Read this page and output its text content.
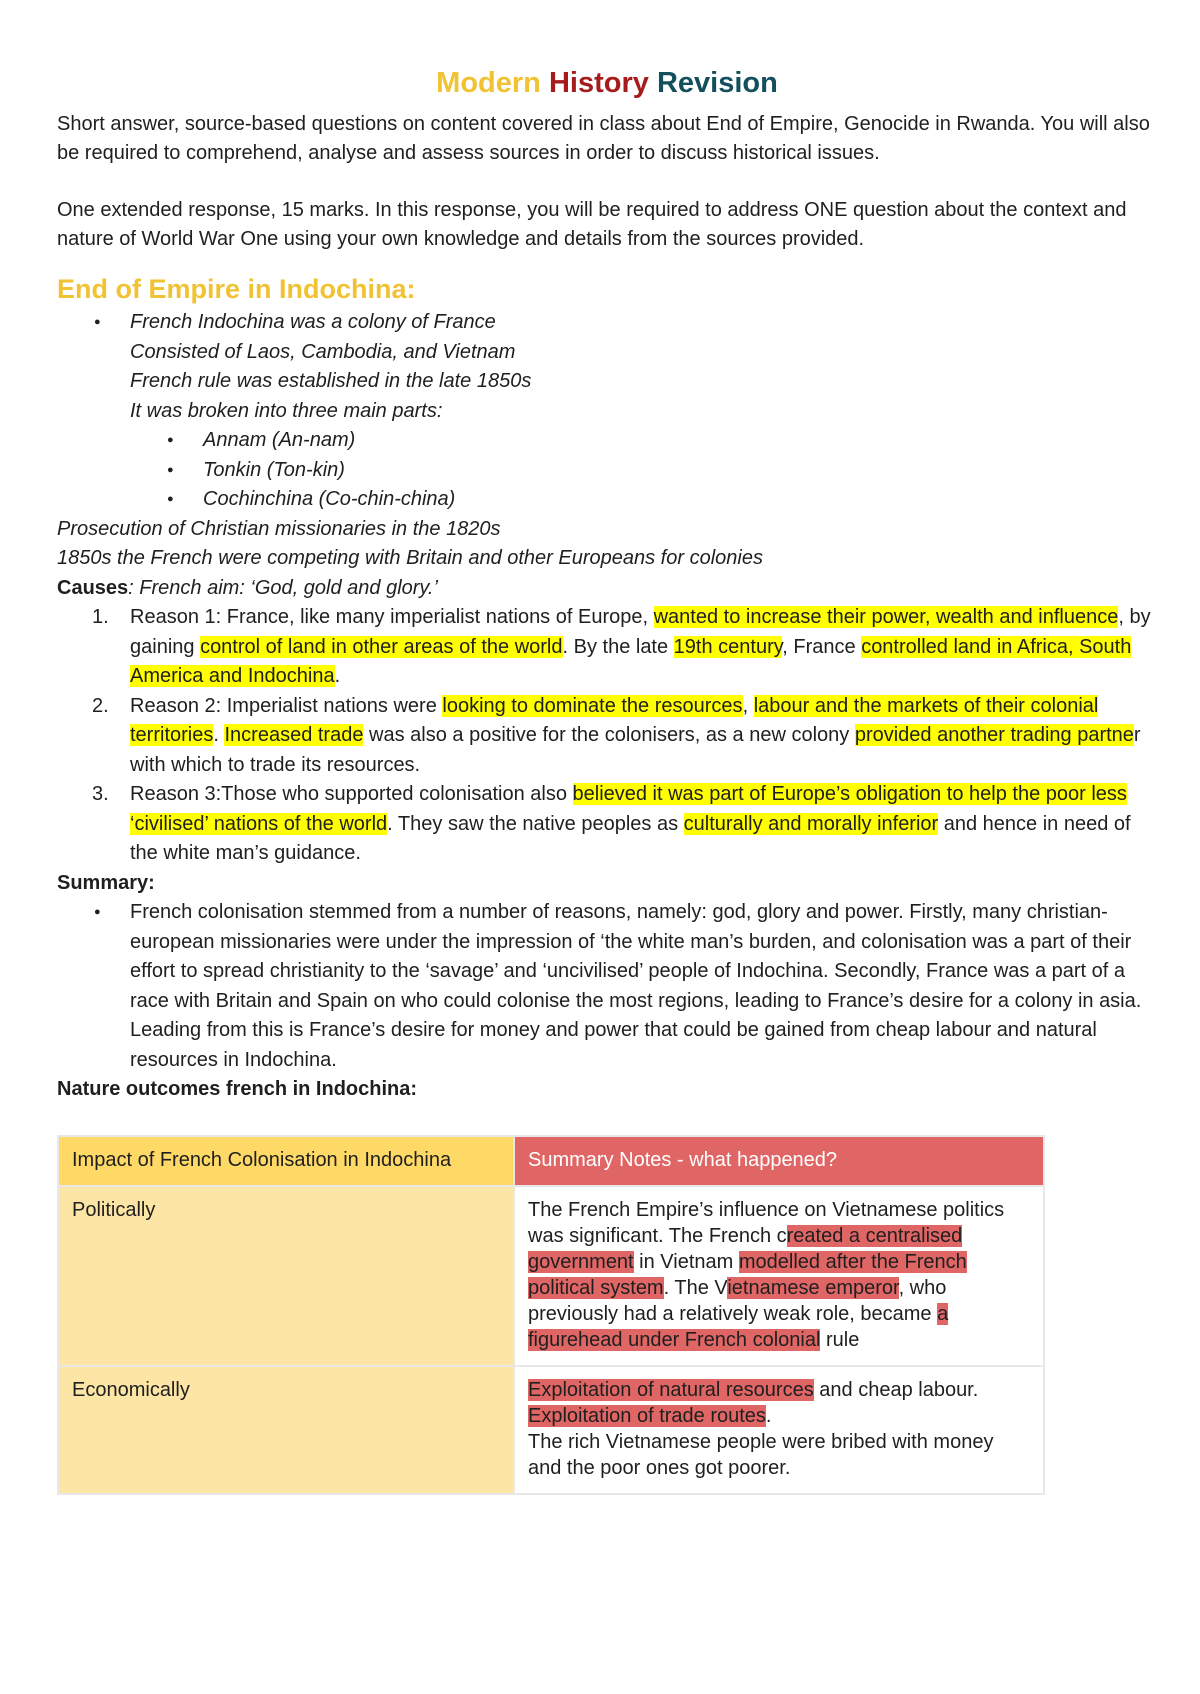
Modern History Revision

Short answer, source-based questions on content covered in class about End of Empire, Genocide in Rwanda. You will also be required to comprehend, analyse and assess sources in order to discuss historical issues.

One extended response, 15 marks. In this response, you will be required to address ONE question about the context and nature of World War One using your own knowledge and details from the sources provided.

End of Empire in Indochina:
● French Indochina was a colony of France
Consisted of Laos, Cambodia, and Vietnam
French rule was established in the late 1850s
It was broken into three main parts:
● Annam (An-nam)
● Tonkin (Ton-kin)
● Cochinchina (Co-chin-china)
Prosecution of Christian missionaries in the 1820s
1850s the French were competing with Britain and other Europeans for colonies
Causes: French aim: ‘God, gold and glory.’
1. Reason 1: France, like many imperialist nations of Europe, wanted to increase their power, wealth and influence, by gaining control of land in other areas of the world. By the late 19th century, France controlled land in Africa, South America and Indochina.
2. Reason 2: Imperialist nations were looking to dominate the resources, labour and the markets of their colonial territories. Increased trade was also a positive for the colonisers, as a new colony provided another trading partner with which to trade its resources.
3. Reason 3:Those who supported colonisation also believed it was part of Europe’s obligation to help the poor less ‘civilised’ nations of the world. They saw the native peoples as culturally and morally inferior and hence in need of the white man’s guidance.
Summary:
● French colonisation stemmed from a number of reasons, namely: god, glory and power. Firstly, many christian-european missionaries were under the impression of ‘the white man’s burden, and colonisation was a part of their effort to spread christianity to the ‘savage’ and ‘uncivilised’ people of Indochina. Secondly, France was a part of a race with Britain and Spain on who could colonise the most regions, leading to France’s desire for a colony in asia. Leading from this is France’s desire for money and power that could be gained from cheap labour and natural resources in Indochina.
Nature outcomes french in Indochina:
Impact of French Colonisation in Indochina	Summary Notes - what happened?
Politically	The French Empire’s influence on Vietnamese politics was significant. The French created a centralised government in Vietnam modelled after the French political system. The Vietnamese emperor, who previously had a relatively weak role, became a figurehead under French colonial rule
Economically	Exploitation of natural resources and cheap labour.
Exploitation of trade routes.
The rich Vietnamese people were bribed with money and the poor ones got poorer.
